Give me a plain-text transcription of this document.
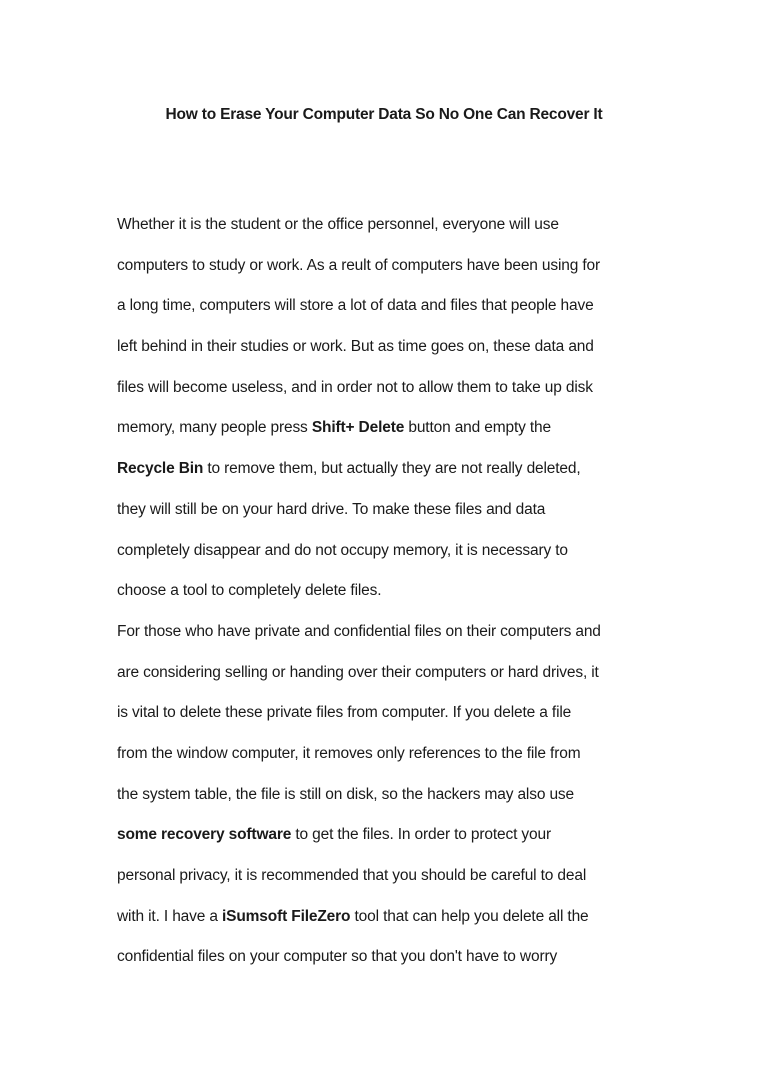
How to Erase Your Computer Data So No One Can Recover It

Whether it is the student or the office personnel, everyone will use
computers to study or work. As a reult of computers have been using for
a long time, computers will store a lot of data and files that people have
left behind in their studies or work. But as time goes on, these data and
files will become useless, and in order not to allow them to take up disk
memory, many people press Shift+ Delete button and empty the
Recycle Bin to remove them, but actually they are not really deleted,
they will still be on your hard drive. To make these files and data
completely disappear and do not occupy memory, it is necessary to
choose a tool to completely delete files.

For those who have private and confidential files on their computers and
are considering selling or handing over their computers or hard drives, it
is vital to delete these private files from computer. If you delete a file
from the window computer, it removes only references to the file from
the system table, the file is still on disk, so the hackers may also use
some recovery software to get the files. In order to protect your
personal privacy, it is recommended that you should be careful to deal
with it. I have a iSumsoft FileZero tool that can help you delete all the
confidential files on your computer so that you don't have to worry
